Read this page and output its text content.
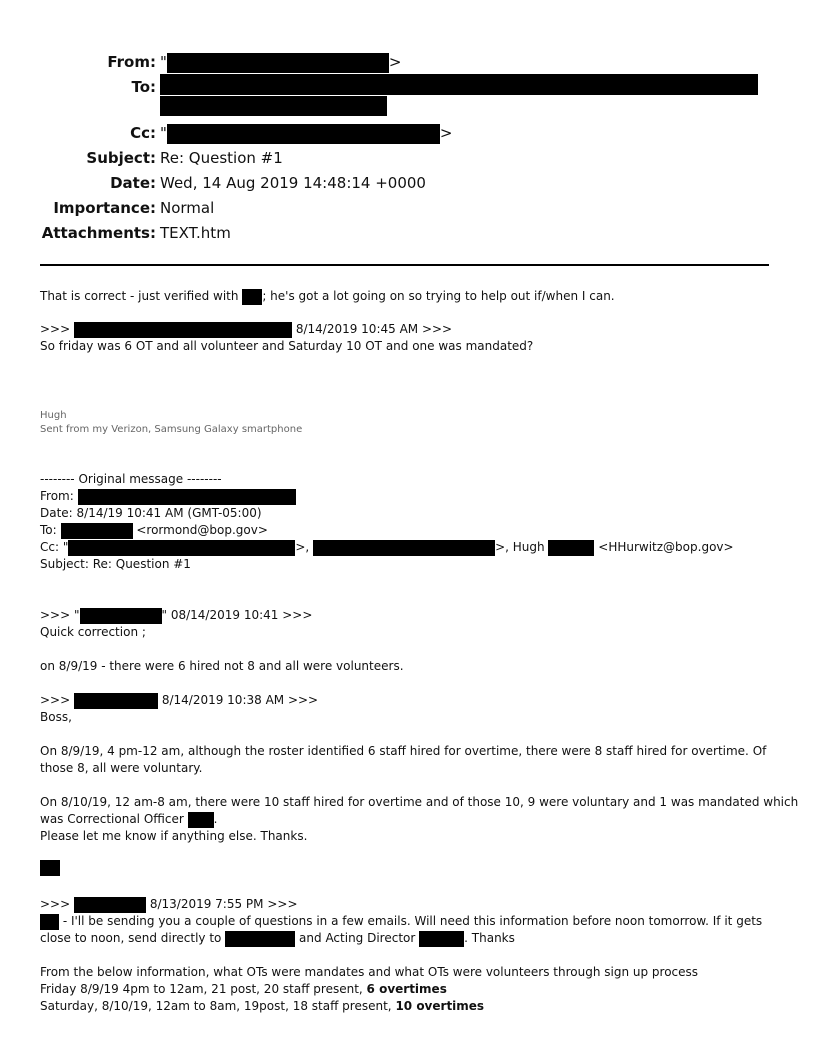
From: "	>
To:
Cc: "	>
Subject: Re: Question #1
Date: Wed, 14 Aug 2019 14:48:14 +0000
Importance: Normal
Attachments: TEXT.htm
That is correct - just verified with ; he's got a lot going on so trying to help out if/when I can.
>>>	8/14/2019 10:45 AM >>>
So friday was 6 OT and all volunteer and Saturday 10 OT and one was mandated?
Hugh
Sent from my Verizon, Samsung Galaxy smartphone
-------- Original message --------
From:
Date: 8/14/19 10:41 AM (GMT-05:00)
To:	<rormond@bop.gov>
Cc: "	>,	>, Hugh	<HHurwitz@bop.gov>
Subject: Re: Question #1
>>> "	" 08/14/2019 10:41 >>>
Quick correction ;
on 8/9/19 - there were 6 hired not 8 and all were volunteers.
>>>	8/14/2019 10:38 AM >>>
Boss,
On 8/9/19, 4 pm-12 am, although the roster identified 6 staff hired for overtime, there were 8 staff hired for overtime. Of
those 8, all were voluntary.
On 8/10/19, 12 am-8 am, there were 10 staff hired for overtime and of those 10, 9 were voluntary and 1 was mandated which
was Correctional Officer .
Please let me know if anything else. Thanks.
>>>	8/13/2019 7:55 PM >>>
- I'll be sending you a couple of questions in a few emails. Will need this information before noon tomorrow. If it gets
close to noon, send directly to	and Acting Director	. Thanks
From the below information, what OTs were mandates and what OTs were volunteers through sign up process
Friday 8/9/19 4pm to 12am, 21 post, 20 staff present, 6 overtimes
Saturday, 8/10/19, 12am to 8am, 19post, 18 staff present, 10 overtimes
